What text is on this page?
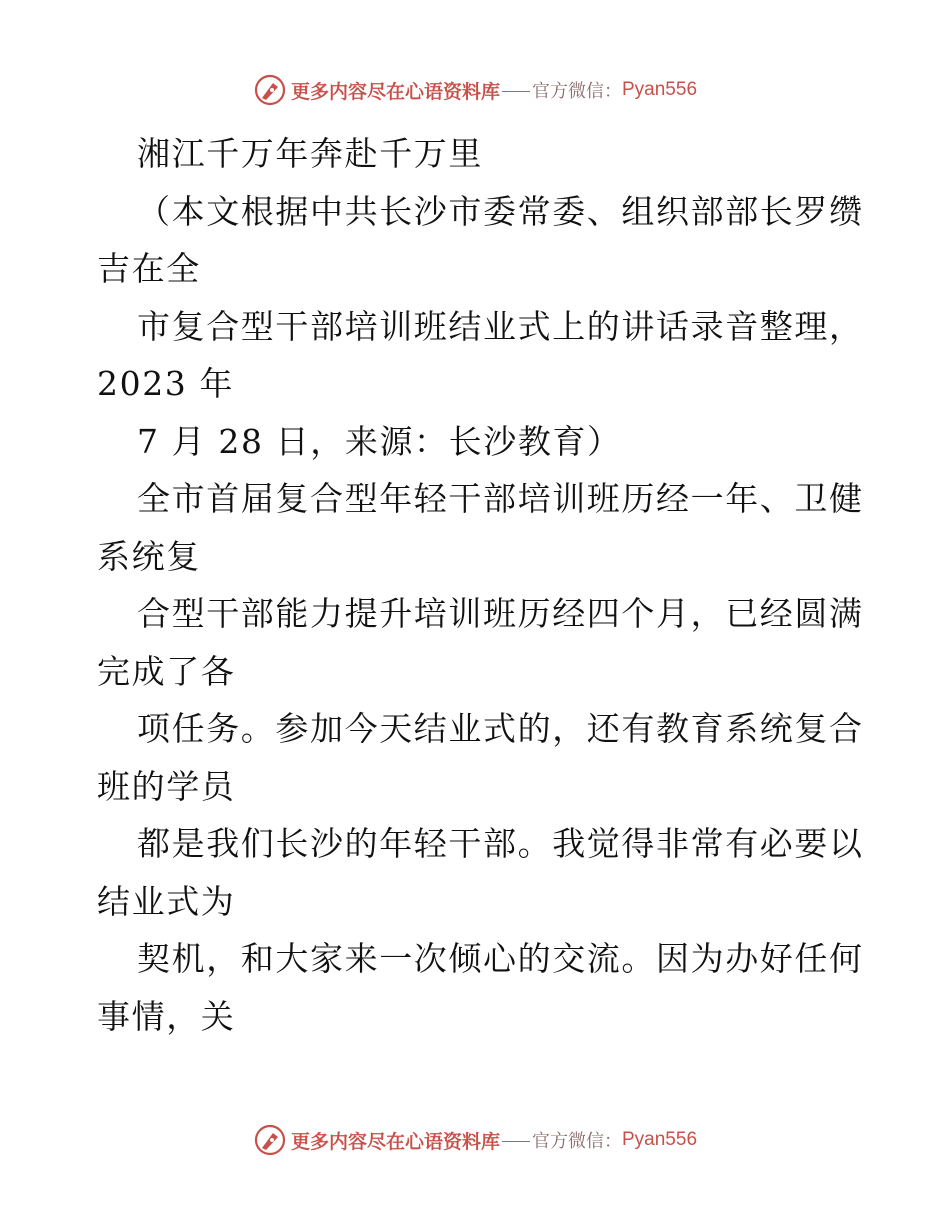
更多内容尽在心语资料库 官方微信： Pyan556
湘江千万年奔赴千万里
（本文根据中共长沙市委常委、组织部部长罗缵
吉在全
市复合型干部培训班结业式上的讲话录音整理，
2023 年
7 月 28 日，来源：长沙教育）
全市首届复合型年轻干部培训班历经一年、卫健
系统复
合型干部能力提升培训班历经四个月，已经圆满
完成了各
项任务。参加今天结业式的，还有教育系统复合
班的学员
都是我们长沙的年轻干部。我觉得非常有必要以
结业式为
契机，和大家来一次倾心的交流。因为办好任何
事情，关
更多内容尽在心语资料库 官方微信： Pyan556
